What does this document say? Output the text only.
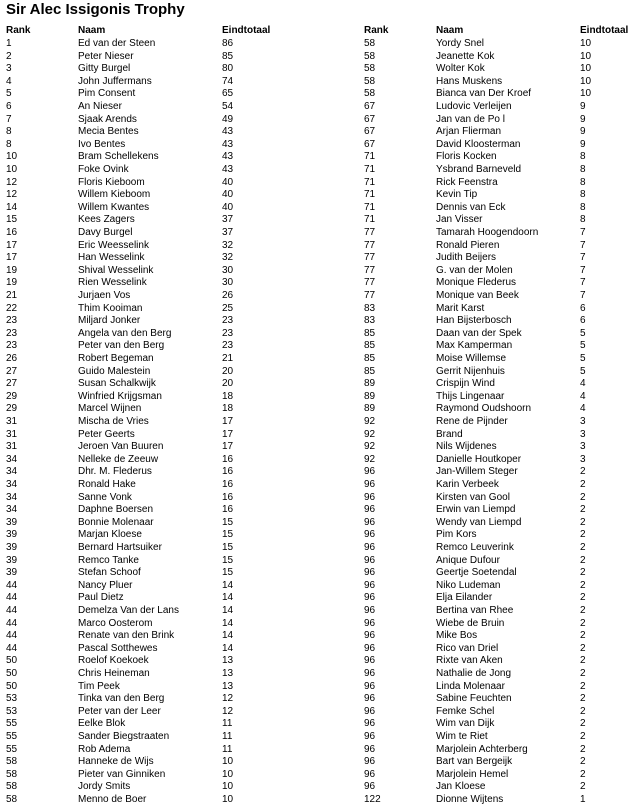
Sir Alec Issigonis Trophy
Rank	Naam	Eindtotaal	Rank	Naam	Eindtotaal
1	Ed van der Steen	86	58	Yordy Snel	10
2	Peter Nieser	85	58	Jeanette Kok	10
3	Gitty Burgel	80	58	Wolter Kok	10
4	John Juffermans	74	58	Hans Muskens	10
5	Pim Consent	65	58	Bianca van Der Kroef	10
6	An Nieser	54	67	Ludovic Verleijen	9
7	Sjaak Arends	49	67	Jan van de Po l	9
8	Mecia Bentes	43	67	Arjan Flierman	9
8	Ivo Bentes	43	67	David Kloosterman	9
10	Bram Schellekens	43	71	Floris Kocken	8
10	Foke Ovink	43	71	Ysbrand Barneveld	8
12	Floris Kieboom	40	71	Rick Feenstra	8
12	Willem Kieboom	40	71	Kevin Tip	8
14	Willem Kwantes	40	71	Dennis van Eck	8
15	Kees Zagers	37	71	Jan Visser	8
16	Davy Burgel	37	77	Tamarah Hoogendoorn	7
17	Eric Weesselink	32	77	Ronald Pieren	7
17	Han Wesselink	32	77	Judith Beijers	7
19	Shival Wesselink	30	77	G. van der Molen	7
19	Rien Wesselink	30	77	Monique Flederus	7
21	Jurjaen Vos	26	77	Monique van Beek	7
22	Thim Kooiman	25	83	Marit Karst	6
23	Miljard Jonker	23	83	Han Bijsterbosch	6
23	Angela van den Berg	23	85	Daan van der Spek	5
23	Peter van den Berg	23	85	Max Kamperman	5
26	Robert Begeman	21	85	Moise Willemse	5
27	Guido Malestein	20	85	Gerrit Nijenhuis	5
27	Susan Schalkwijk	20	89	Crispijn Wind	4
29	Winfried Krijgsman	18	89	Thijs Lingenaar	4
29	Marcel Wijnen	18	89	Raymond Oudshoorn	4
31	Mischa de Vries	17	92	Rene de Pijnder	3
31	Peter Geerts	17	92	Brand	3
31	Jeroen Van Buuren	17	92	Nils Wijdenes	3
34	Nelleke de Zeeuw	16	92	Danielle Houtkoper	3
34	Dhr. M. Flederus	16	96	Jan-Willem Steger	2
34	Ronald Hake	16	96	Karin Verbeek	2
34	Sanne Vonk	16	96	Kirsten van Gool	2
34	Daphne Boersen	16	96	Erwin van Liempd	2
39	Bonnie Molenaar	15	96	Wendy van Liempd	2
39	Marjan Kloese	15	96	Pim Kors	2
39	Bernard Hartsuiker	15	96	Remco Leuverink	2
39	Remco Tanke	15	96	Anique Dufour	2
39	Stefan Schoof	15	96	Geertje Soetendal	2
44	Nancy Pluer	14	96	Niko Ludeman	2
44	Paul Dietz	14	96	Elja Eilander	2
44	Demelza Van der Lans	14	96	Bertina van Rhee	2
44	Marco Oosterom	14	96	Wiebe de Bruin	2
44	Renate van den Brink	14	96	Mike Bos	2
44	Pascal Sotthewes	14	96	Rico van Driel	2
50	Roelof Koekoek	13	96	Rixte van Aken	2
50	Chris Heineman	13	96	Nathalie de Jong	2
50	Tim Peek	13	96	Linda Molenaar	2
53	Tinka van den Berg	12	96	Sabine Feuchten	2
53	Peter van der Leer	12	96	Femke Schel	2
55	Eelke Blok	11	96	Wim van Dijk	2
55	Sander Biegstraaten	11	96	Wim te Riet	2
55	Rob Adema	11	96	Marjolein Achterberg	2
58	Hanneke de Wijs	10	96	Bart van Bergeijk	2
58	Pieter van Ginniken	10	96	Marjolein Hemel	2
58	Jordy Smits	10	96	Jan Kloese	2
58	Menno de Boer	10	122	Dionne Wijtens	1
